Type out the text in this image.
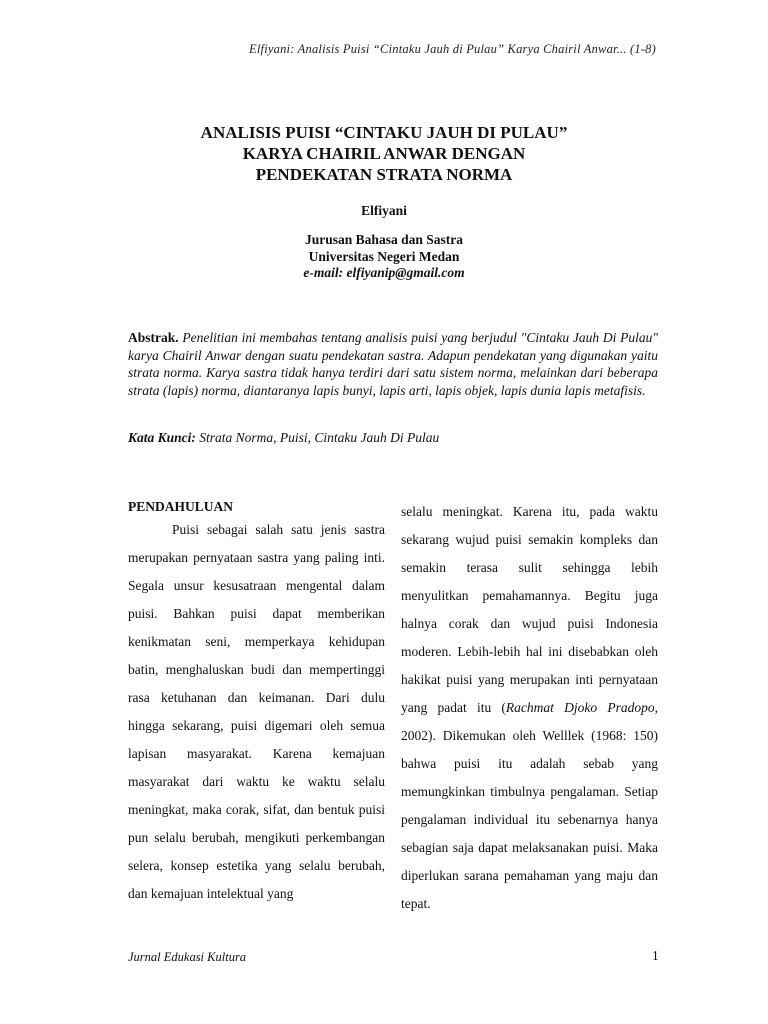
Elfiyani: Analisis Puisi “Cintaku Jauh di Pulau” Karya Chairil Anwar... (1-8)
ANALISIS PUISI “CINTAKU JAUH DI PULAU”
KARYA CHAIRIL ANWAR DENGAN
PENDEKATAN STRATA NORMA
Elfiyani
Jurusan Bahasa dan Sastra
Universitas Negeri Medan
e-mail: elfiyanip@gmail.com
Abstrak. Penelitian ini membahas tentang analisis puisi yang berjudul ″Cintaku Jauh Di Pulau″ karya Chairil Anwar dengan suatu pendekatan sastra. Adapun pendekatan yang digunakan yaitu strata norma. Karya sastra tidak hanya terdiri dari satu sistem norma, melainkan dari beberapa strata (lapis) norma, diantaranya lapis bunyi, lapis arti, lapis objek, lapis dunia lapis metafisis.
Kata Kunci: Strata Norma, Puisi, Cintaku Jauh Di Pulau

PENDAHULUAN

Puisi sebagai salah satu jenis sastra merupakan pernyataan sastra yang paling inti. Segala unsur kesusatraan mengental dalam puisi. Bahkan puisi dapat memberikan kenikmatan seni, memperkaya kehidupan batin, menghaluskan budi dan mempertinggi rasa ketuhanan dan keimanan. Dari dulu hingga sekarang, puisi digemari oleh semua lapisan masyarakat. Karena kemajuan masyarakat dari waktu ke waktu selalu meningkat, maka corak, sifat, dan bentuk puisi pun selalu berubah, mengikuti perkembangan selera, konsep estetika yang selalu berubah, dan kemajuan intelektual yang

selalu meningkat. Karena itu, pada waktu sekarang wujud puisi semakin kompleks dan semakin terasa sulit sehingga lebih menyulitkan pemahamannya. Begitu juga halnya corak dan wujud puisi Indonesia moderen. Lebih-lebih hal ini disebabkan oleh hakikat puisi yang merupakan inti pernyataan yang padat itu (Rachmat Djoko Pradopo, 2002). Dikemukan oleh Welllek (1968: 150) bahwa puisi itu adalah sebab yang memungkinkan timbulnya pengalaman. Setiap pengalaman individual itu sebenarnya hanya sebagian saja dapat melaksanakan puisi. Maka diperlukan sarana pemahaman yang maju dan tepat.

Jurnal Edukasi Kultura	1
